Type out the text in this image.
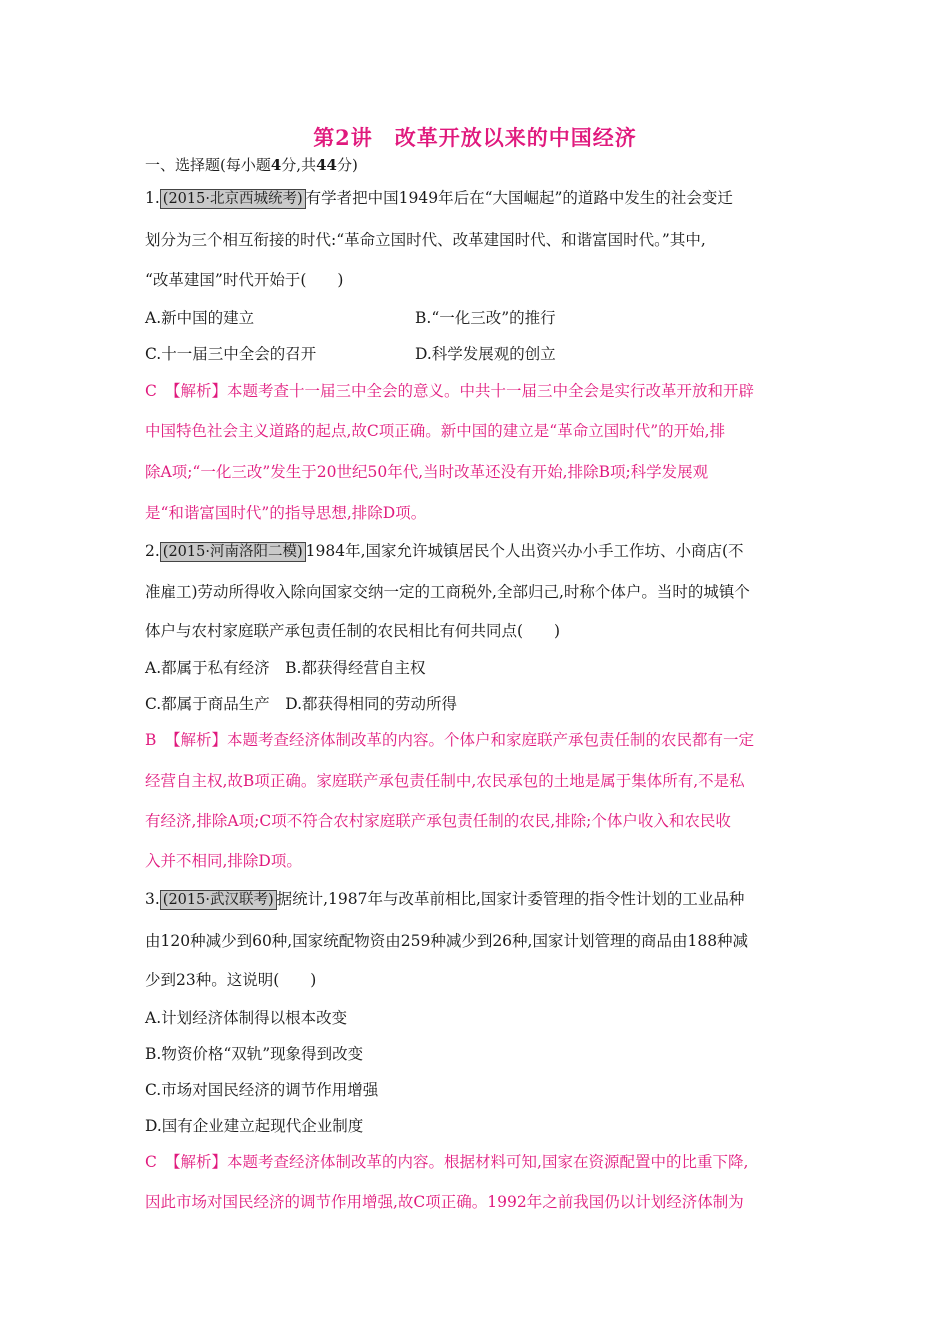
第2讲　改革开放以来的中国经济
一、选择题(每小题4分,共44分)
1. (2015·北京西城统考) 有学者把中国1949年后在“大国崛起”的道路中发生的社会变迁
划分为三个相互衔接的时代:“革命立国时代、改革建国时代、和谐富国时代。”其中,
“改革建国”时代开始于(　　)
A.新中国的建立	B.“一化三改”的推行
C.十一届三中全会的召开	D.科学发展观的创立
C 【解析】本题考查十一届三中全会的意义。中共十一届三中全会是实行改革开放和开辟
中国特色社会主义道路的起点,故C项正确。新中国的建立是“革命立国时代”的开始,排
除A项;“一化三改”发生于20世纪50年代,当时改革还没有开始,排除B项;科学发展观
是“和谐富国时代”的指导思想,排除D项。
2. (2015·河南洛阳二模) 1984年,国家允许城镇居民个人出资兴办小手工作坊、小商店(不
准雇工)劳动所得收入除向国家交纳一定的工商税外,全部归己,时称个体户。当时的城镇个
体户与农村家庭联产承包责任制的农民相比有何共同点(　　)
A.都属于私有经济　B.都获得经营自主权
C.都属于商品生产　D.都获得相同的劳动所得
B 【解析】本题考查经济体制改革的内容。个体户和家庭联产承包责任制的农民都有一定
经营自主权,故B项正确。家庭联产承包责任制中,农民承包的土地是属于集体所有,不是私
有经济,排除A项;C项不符合农村家庭联产承包责任制的农民,排除;个体户收入和农民收
入并不相同,排除D项。
3. (2015·武汉联考) 据统计,1987年与改革前相比,国家计委管理的指令性计划的工业品种
由120种减少到60种,国家统配物资由259种减少到26种,国家计划管理的商品由188种减
少到23种。这说明(　　)
A.计划经济体制得以根本改变
B.物资价格“双轨”现象得到改变
C.市场对国民经济的调节作用增强
D.国有企业建立起现代企业制度
C 【解析】本题考查经济体制改革的内容。根据材料可知,国家在资源配置中的比重下降,
因此市场对国民经济的调节作用增强,故C项正确。1992年之前我国仍以计划经济体制为
